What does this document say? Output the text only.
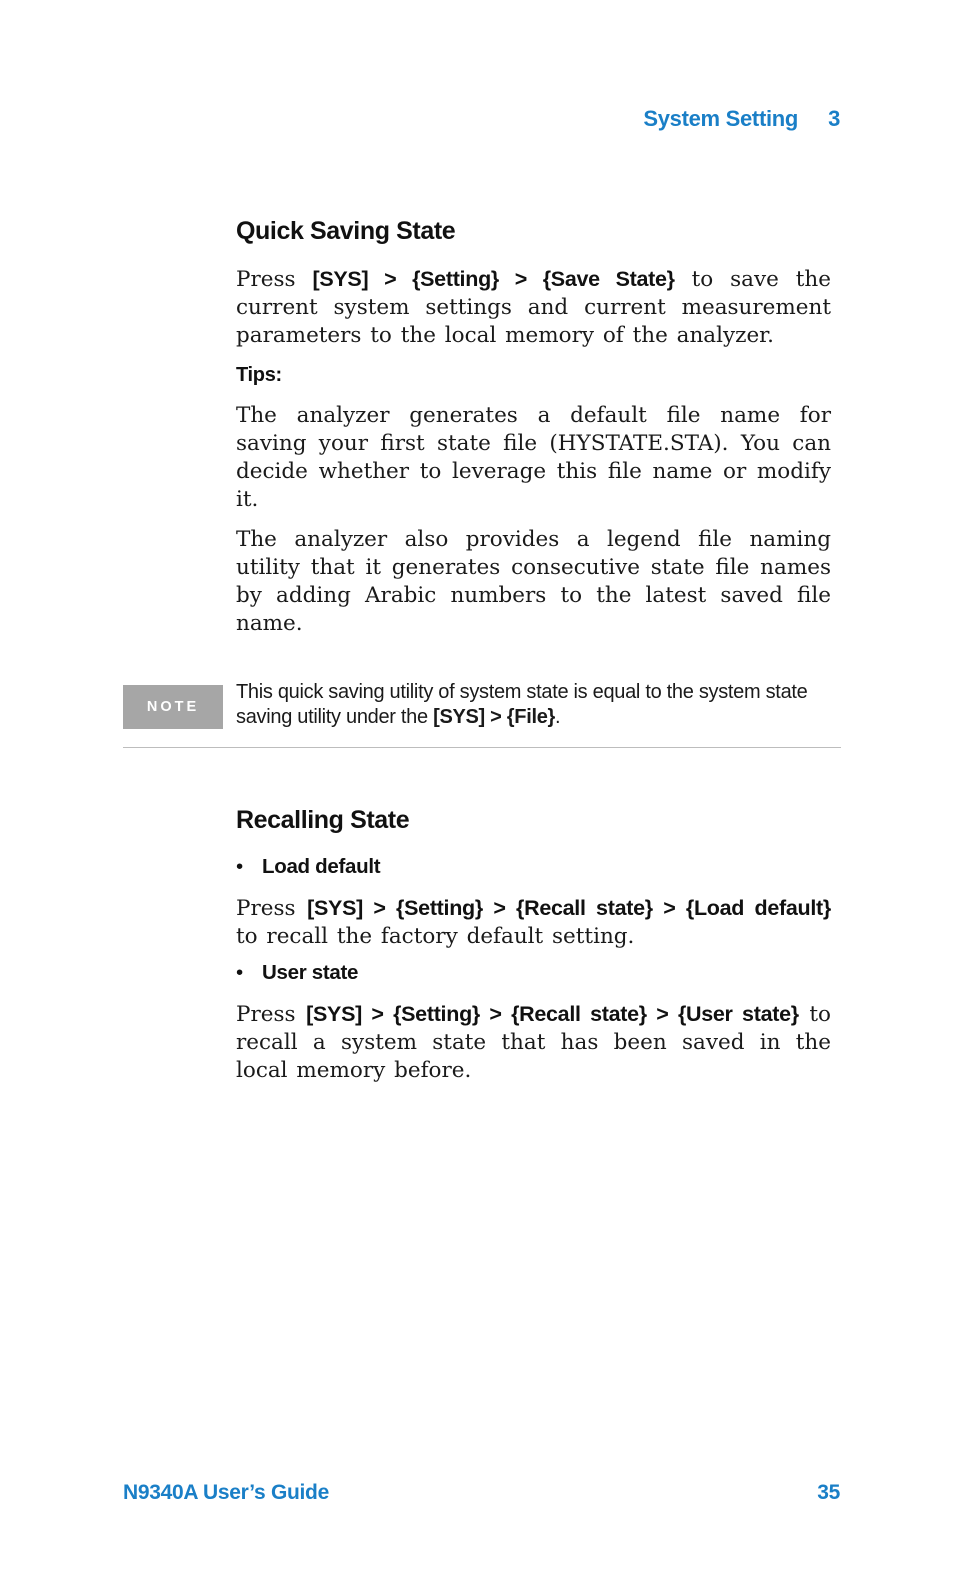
System Setting 3
Quick Saving State
Press [SYS] > {Setting} > {Save State} to save the current system settings and current measurement parameters to the local memory of the analyzer.
Tips:
The analyzer generates a default file name for saving your first state file (HYSTATE.STA). You can decide whether to leverage this file name or modify it.
The analyzer also provides a legend file naming utility that it generates consecutive state file names by adding Arabic numbers to the latest saved file name.
NOTE
This quick saving utility of system state is equal to the system state saving utility under the [SYS] > {File}.
Recalling State
• Load default
Press [SYS] > {Setting} > {Recall state} > {Load default} to recall the factory default setting.
• User state
Press [SYS] > {Setting} > {Recall state} > {User state} to recall a system state that has been saved in the local memory before.
N9340A User’s Guide	35
